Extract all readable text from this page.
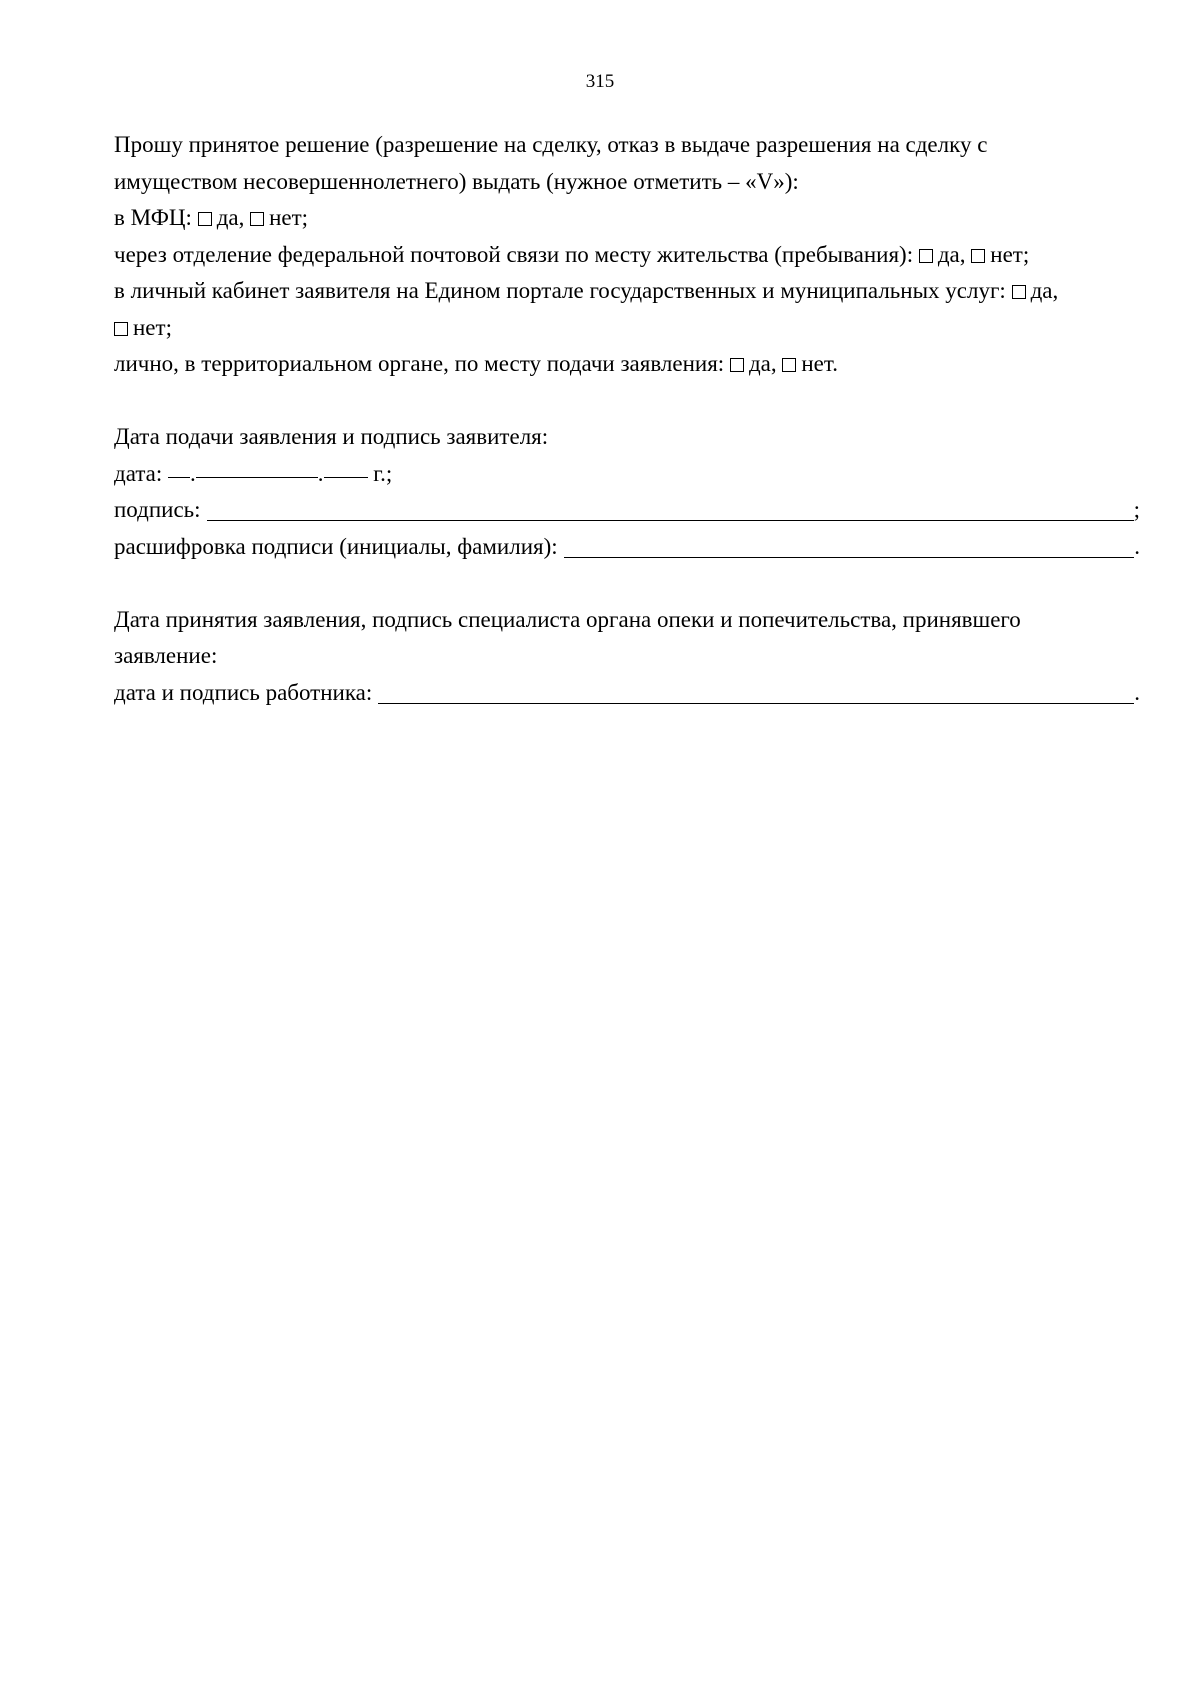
315
Прошу принятое решение (разрешение на сделку, отказ в выдаче разрешения на сделку с
имуществом несовершеннолетнего) выдать (нужное отметить – «V»):
в МФЦ: да, нет;
через отделение федеральной почтовой связи по месту жительства (пребывания): да, нет;
в личный кабинет заявителя на Едином портале государственных и муниципальных услуг: да,
нет;
лично, в территориальном органе, по месту подачи заявления: да, нет.
Дата подачи заявления и подпись заявителя:
дата: .	. г.;
подпись:	;
расшифровка подписи (инициалы, фамилия):	.
Дата принятия заявления, подпись специалиста органа опеки и попечительства, принявшего
заявление:
дата и подпись работника:	.
